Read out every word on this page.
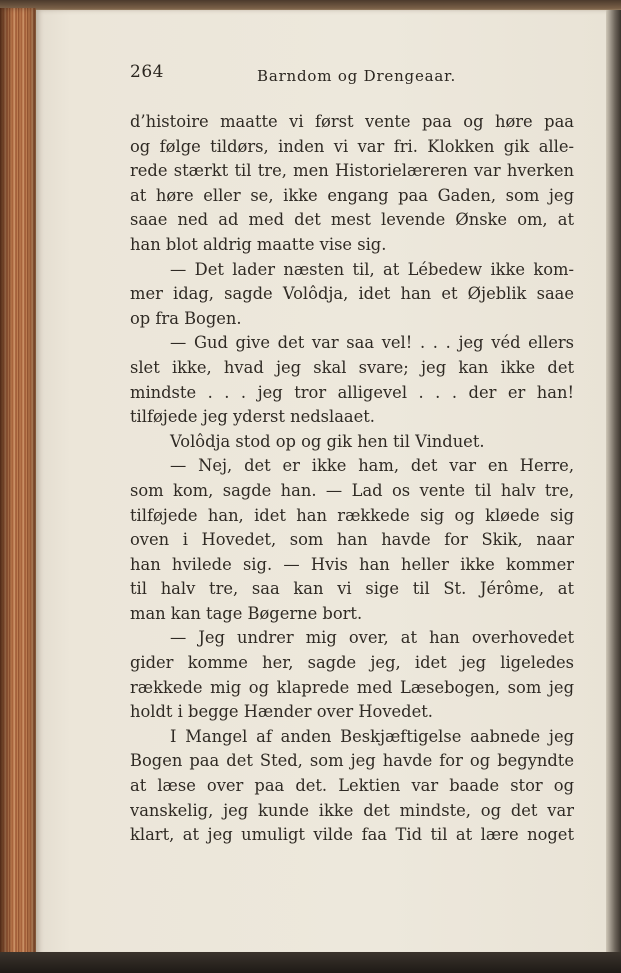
264	Barndom og Drengeaar.
d’histoire maatte vi først vente paa og høre paa
og følge tildørs, inden vi var fri. Klokken gik alle-
rede stærkt til tre, men Historielæreren var hverken
at høre eller se, ikke engang paa Gaden, som jeg
saae ned ad med det mest levende Ønske om, at
han blot aldrig maatte vise sig.
— Det lader næsten til, at Lébedew ikke kom-
mer idag, sagde Volôdja, idet han et Øjeblik saae
op fra Bogen.
— Gud give det var saa vel! . . . jeg véd ellers
slet ikke, hvad jeg skal svare; jeg kan ikke det
mindste . . . jeg tror alligevel . . . der er han!
tilføjede jeg yderst nedslaaet.
Volôdja stod op og gik hen til Vinduet.
— Nej, det er ikke ham, det var en Herre,
som kom, sagde han. — Lad os vente til halv tre,
tilføjede han, idet han rækkede sig og kløede sig
oven i Hovedet, som han havde for Skik, naar
han hvilede sig. — Hvis han heller ikke kommer
til halv tre, saa kan vi sige til St. Jérôme, at
man kan tage Bøgerne bort.
— Jeg undrer mig over, at han overhovedet
gider komme her, sagde jeg, idet jeg ligeledes
rækkede mig og klaprede med Læsebogen, som jeg
holdt i begge Hænder over Hovedet.
I Mangel af anden Beskjæftigelse aabnede jeg
Bogen paa det Sted, som jeg havde for og begyndte
at læse over paa det. Lektien var baade stor og
vanskelig, jeg kunde ikke det mindste, og det var
klart, at jeg umuligt vilde faa Tid til at lære noget
